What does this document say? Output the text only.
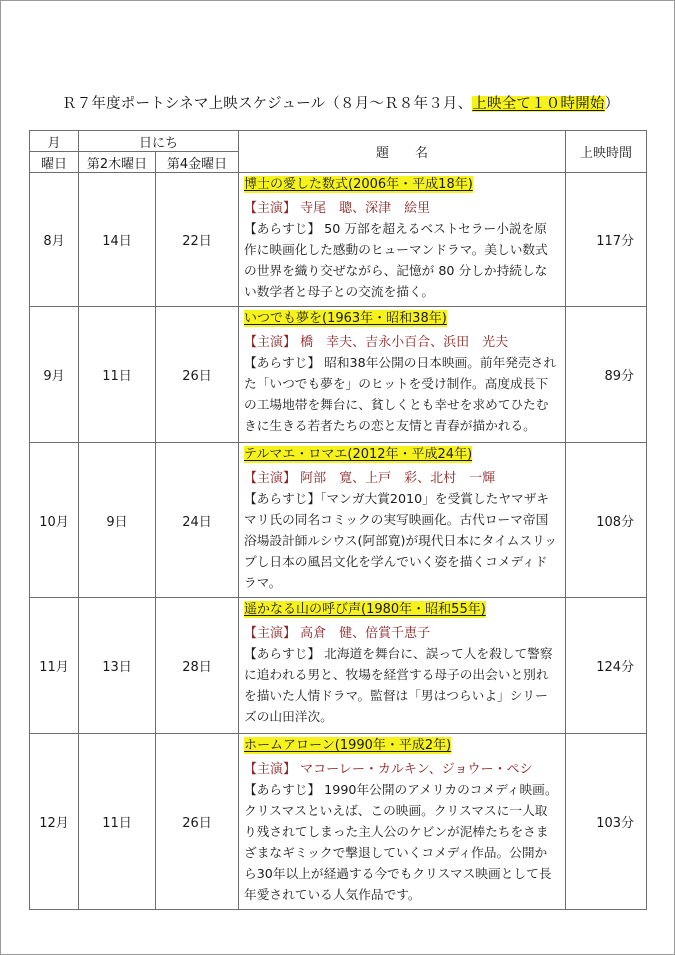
Ｒ７年度ポートシネマ上映スケジュール（８月～Ｒ８年３月、上映全て１０時開始）
月	日にち		題　　名	上映時間
曜日	第2木曜日	第4金曜日		
8月	14日	22日	博士の愛した数式(2006年・平成18年)
【主演】 寺尾　聰、深津　絵里
【あらすじ】 50 万部を超えるベストセラー小説を原作に映画化した感動のヒューマンドラマ。美しい数式の世界を織り交ぜながら、記憶が 80 分しか持続しない数学者と母子との交流を描く。	117分
9月	11日	26日	いつでも夢を(1963年・昭和38年)
【主演】 橋　幸夫、吉永小百合、浜田　光夫
【あらすじ】 昭和38年公開の日本映画。前年発売された「いつでも夢を」のヒットを受け制作。高度成長下の工場地帯を舞台に、貧しくとも幸せを求めてひたむきに生きる若者たちの恋と友情と青春が描かれる。	89分
10月	9日	24日	テルマエ・ロマエ(2012年・平成24年)
【主演】 阿部　寛、上戸　彩、北村　一輝
【あらすじ】「マンガ大賞2010」を受賞したヤマザキマリ氏の同名コミックの実写映画化。古代ローマ帝国浴場設計師ルシウス(阿部寛)が現代日本にタイムスリップし日本の風呂文化を学んでいく姿を描くコメディドラマ。	108分
11月	13日	28日	遥かなる山の呼び声(1980年・昭和55年)
【主演】 高倉　健、倍賞千恵子
【あらすじ】 北海道を舞台に、誤って人を殺して警察に追われる男と、牧場を経営する母子の出会いと別れを描いた人情ドラマ。監督は「男はつらいよ」シリーズの山田洋次。	124分
12月	11日	26日	ホームアローン(1990年・平成2年)
【主演】 マコーレー・カルキン、ジョウー・ペシ
【あらすじ】 1990年公開のアメリカのコメディ映画。クリスマスといえば、この映画。クリスマスに一人取り残されてしまった主人公のケビンが泥棒たちをさまざまなギミックで撃退していくコメディ作品。公開から30年以上が経過する今でもクリスマス映画として長年愛されている人気作品です。	103分
